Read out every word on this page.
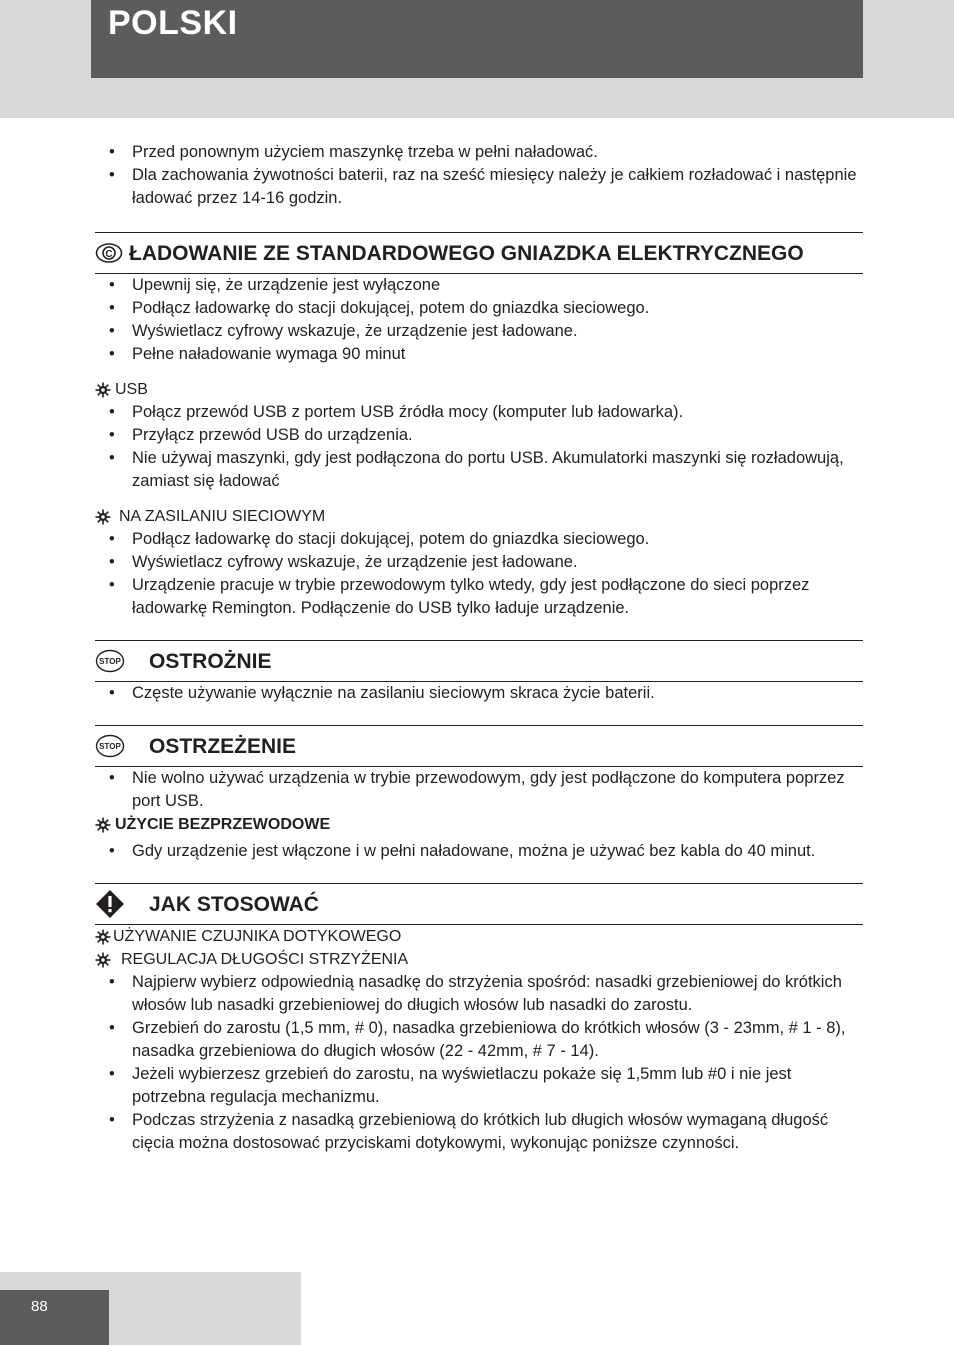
POLSKI
• Przed ponownym użyciem maszynkę trzeba w pełni naładować.
• Dla zachowania żywotności baterii, raz na sześć miesięcy należy je całkiem rozładować i następnie ładować przez 14-16 godzin.
C ŁADOWANIE ZE STANDARDOWEGO GNIAZDKA ELEKTRYCZNEGO
• Upewnij się, że urządzenie jest wyłączone
• Podłącz ładowarkę do stacji dokującej, potem do gniazdka sieciowego.
• Wyświetlacz cyfrowy wskazuje, że urządzenie jest ładowane.
• Pełne naładowanie wymaga 90 minut
USB
• Połącz przewód USB z portem USB źródła mocy (komputer lub ładowarka).
• Przyłącz przewód USB do urządzenia.
• Nie używaj maszynki, gdy jest podłączona do portu USB. Akumulatorki maszynki się rozładowują, zamiast się ładować
NA ZASILANIU SIECIOWYM
• Podłącz ładowarkę do stacji dokującej, potem do gniazdka sieciowego.
• Wyświetlacz cyfrowy wskazuje, że urządzenie jest ładowane.
• Urządzenie pracuje w trybie przewodowym tylko wtedy, gdy jest podłączone do sieci poprzez ładowarkę Remington. Podłączenie do USB tylko ładuje urządzenie.
STOP OSTROŻNIE
• Częste używanie wyłącznie na zasilaniu sieciowym skraca życie baterii.
STOP OSTRZEŻENIE
• Nie wolno używać urządzenia w trybie przewodowym, gdy jest podłączone do komputera poprzez port USB.
UŻYCIE BEZPRZEWODOWE
• Gdy urządzenie jest włączone i w pełni naładowane, można je używać bez kabla do 40 minut.
JAK STOSOWAĆ
UŻYWANIE CZUJNIKA DOTYKOWEGO
REGULACJA DŁUGOŚCI STRZYŻENIA
• Najpierw wybierz odpowiednią nasadkę do strzyżenia spośród: nasadki grzebieniowej do krótkich włosów lub nasadki grzebieniowej do długich włosów lub nasadki do zarostu.
• Grzebień do zarostu (1,5 mm, # 0), nasadka grzebieniowa do krótkich włosów (3 - 23mm, # 1 - 8), nasadka grzebieniowa do długich włosów (22 - 42mm, # 7 - 14).
• Jeżeli wybierzesz grzebień do zarostu, na wyświetlaczu pokaże się 1,5mm lub #0 i nie jest potrzebna regulacja mechanizmu.
• Podczas strzyżenia z nasadką grzebieniową do krótkich lub długich włosów wymaganą długość cięcia można dostosować przyciskami dotykowymi, wykonując poniższe czynności.
88
